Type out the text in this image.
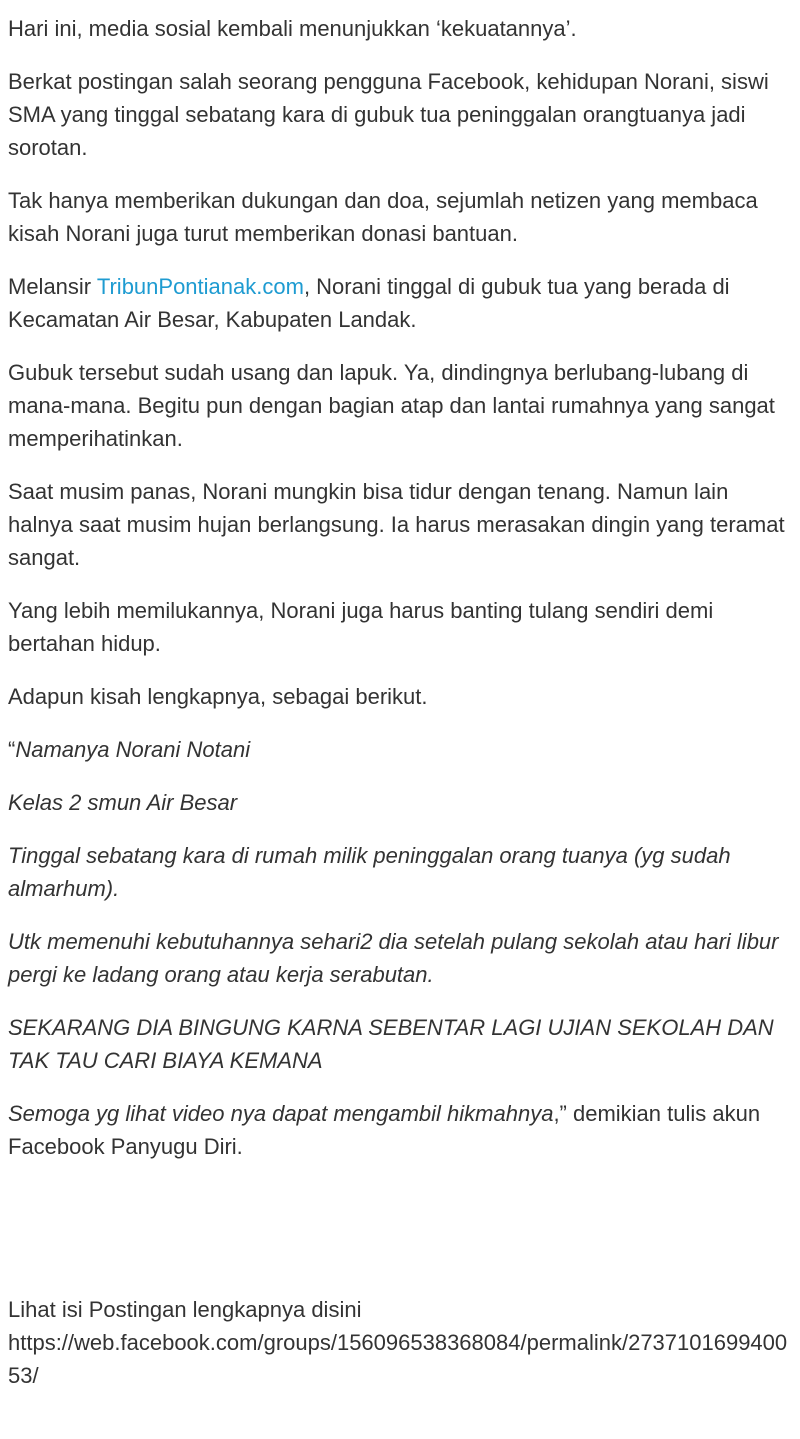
Hari ini, media sosial kembali menunjukkan ‘kekuatannya’.

Berkat postingan salah seorang pengguna Facebook, kehidupan Norani, siswi SMA yang tinggal sebatang kara di gubuk tua peninggalan orangtuanya jadi sorotan.

Tak hanya memberikan dukungan dan doa, sejumlah netizen yang membaca kisah Norani juga turut memberikan donasi bantuan.

Melansir TribunPontianak.com, Norani tinggal di gubuk tua yang berada di Kecamatan Air Besar, Kabupaten Landak.

Gubuk tersebut sudah usang dan lapuk. Ya, dindingnya berlubang-lubang di mana-mana. Begitu pun dengan bagian atap dan lantai rumahnya yang sangat memperihatinkan.

Saat musim panas, Norani mungkin bisa tidur dengan tenang. Namun lain halnya saat musim hujan berlangsung. Ia harus merasakan dingin yang teramat sangat.

Yang lebih memilukannya, Norani juga harus banting tulang sendiri demi bertahan hidup.

Adapun kisah lengkapnya, sebagai berikut.

“Namanya Norani Notani

Kelas 2 smun Air Besar

Tinggal sebatang kara di rumah milik peninggalan orang tuanya (yg sudah almarhum).

Utk memenuhi kebutuhannya sehari2 dia setelah pulang sekolah atau hari libur pergi ke ladang orang atau kerja serabutan.

SEKARANG DIA BINGUNG KARNA SEBENTAR LAGI UJIAN SEKOLAH DAN TAK TAU CARI BIAYA KEMANA

Semoga yg lihat video nya dapat mengambil hikmahnya,” demikian tulis akun Facebook Panyugu Diri.

Lihat isi Postingan lengkapnya disini
https://web.facebook.com/groups/156096538368084/permalink/273710169940053/
